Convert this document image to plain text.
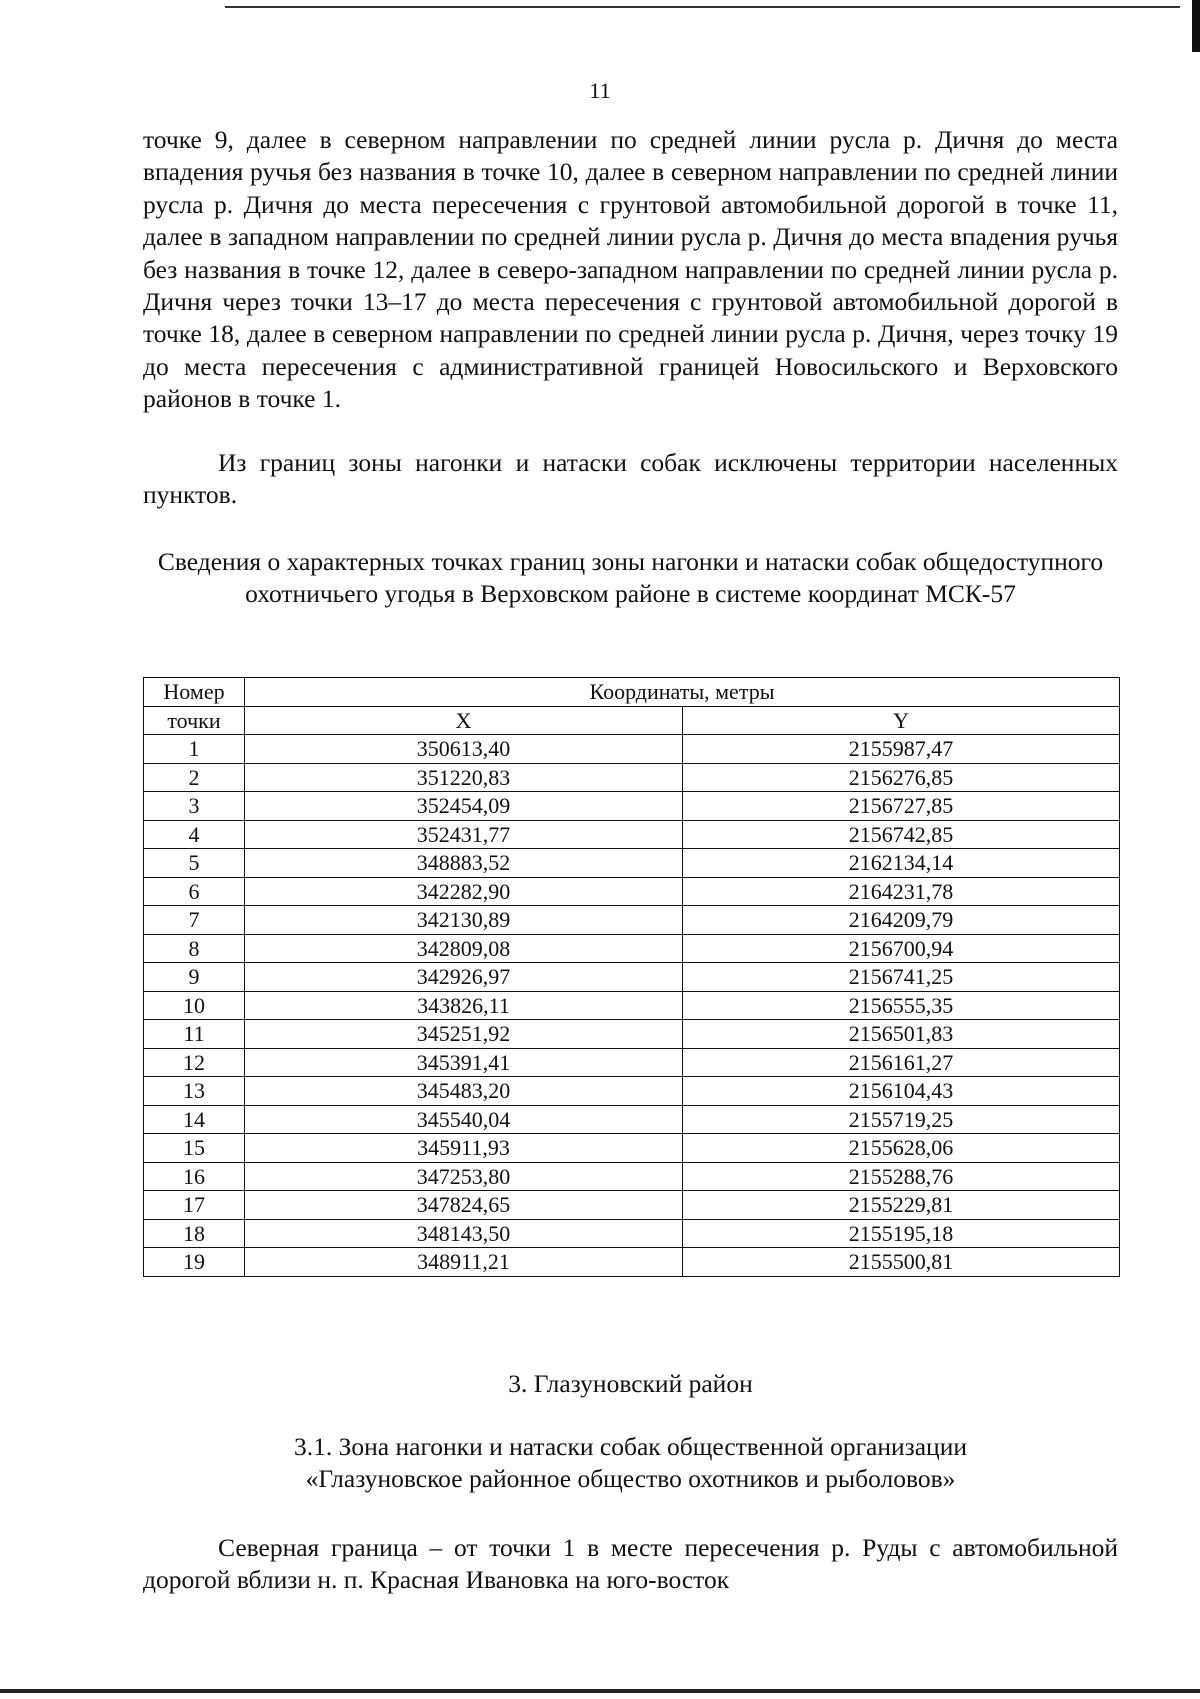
11
точке 9, далее в северном направлении по средней линии русла р. Дичня до места впадения ручья без названия в точке 10, далее в северном направлении по средней линии русла р. Дичня до места пересечения с грунтовой автомобильной дорогой в точке 11, далее в западном направлении по средней линии русла р. Дичня до места впадения ручья без названия в точке 12, далее в северо-западном направлении по средней линии русла р. Дичня через точки 13–17 до места пересечения с грунтовой автомобильной дорогой в точке 18, далее в северном направлении по средней линии русла р. Дичня, через точку 19 до места пересечения с административной границей Новосильского и Верховского районов в точке 1.
Из границ зоны нагонки и натаски собак исключены территории населенных пунктов.
Сведения о характерных точках границ зоны нагонки и натаски собак общедоступного охотничьего угодья в Верховском районе в системе координат МСК-57
Номер	Координаты, метры	
точки	X	Y
1	350613,40	2155987,47
2	351220,83	2156276,85
3	352454,09	2156727,85
4	352431,77	2156742,85
5	348883,52	2162134,14
6	342282,90	2164231,78
7	342130,89	2164209,79
8	342809,08	2156700,94
9	342926,97	2156741,25
10	343826,11	2156555,35
11	345251,92	2156501,83
12	345391,41	2156161,27
13	345483,20	2156104,43
14	345540,04	2155719,25
15	345911,93	2155628,06
16	347253,80	2155288,76
17	347824,65	2155229,81
18	348143,50	2155195,18
19	348911,21	2155500,81
3. Глазуновский район
3.1. Зона нагонки и натаски собак общественной организации
«Глазуновское районное общество охотников и рыболовов»
Северная граница – от точки 1 в месте пересечения р. Руды с автомобильной дорогой вблизи н. п. Красная Ивановка на юго-восток
